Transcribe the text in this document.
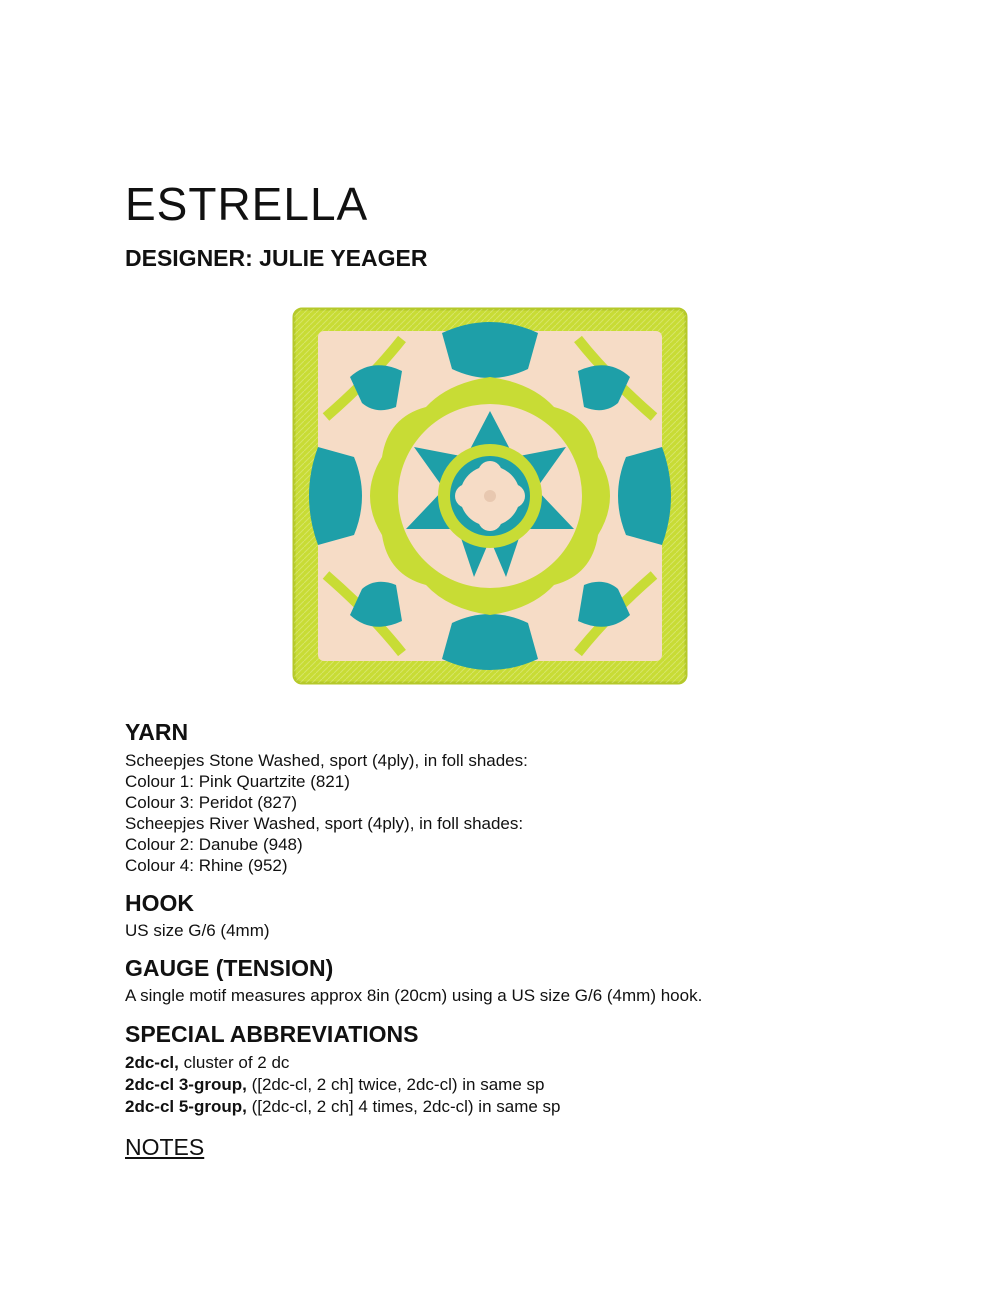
ESTRELLA
DESIGNER: JULIE YEAGER
YARN
Scheepjes Stone Washed, sport (4ply), in foll shades:
Colour 1: Pink Quartzite (821)
Colour 3: Peridot (827)
Scheepjes River Washed, sport (4ply), in foll shades:
Colour 2: Danube (948)
Colour 4: Rhine (952)
HOOK
US size G/6 (4mm)
GAUGE (TENSION)
A single motif measures approx 8in (20cm) using a US size G/6 (4mm) hook.
SPECIAL ABBREVIATIONS
2dc-cl, cluster of 2 dc
2dc-cl 3-group, ([2dc-cl, 2 ch] twice, 2dc-cl) in same sp
2dc-cl 5-group, ([2dc-cl, 2 ch] 4 times, 2dc-cl) in same sp
NOTES
